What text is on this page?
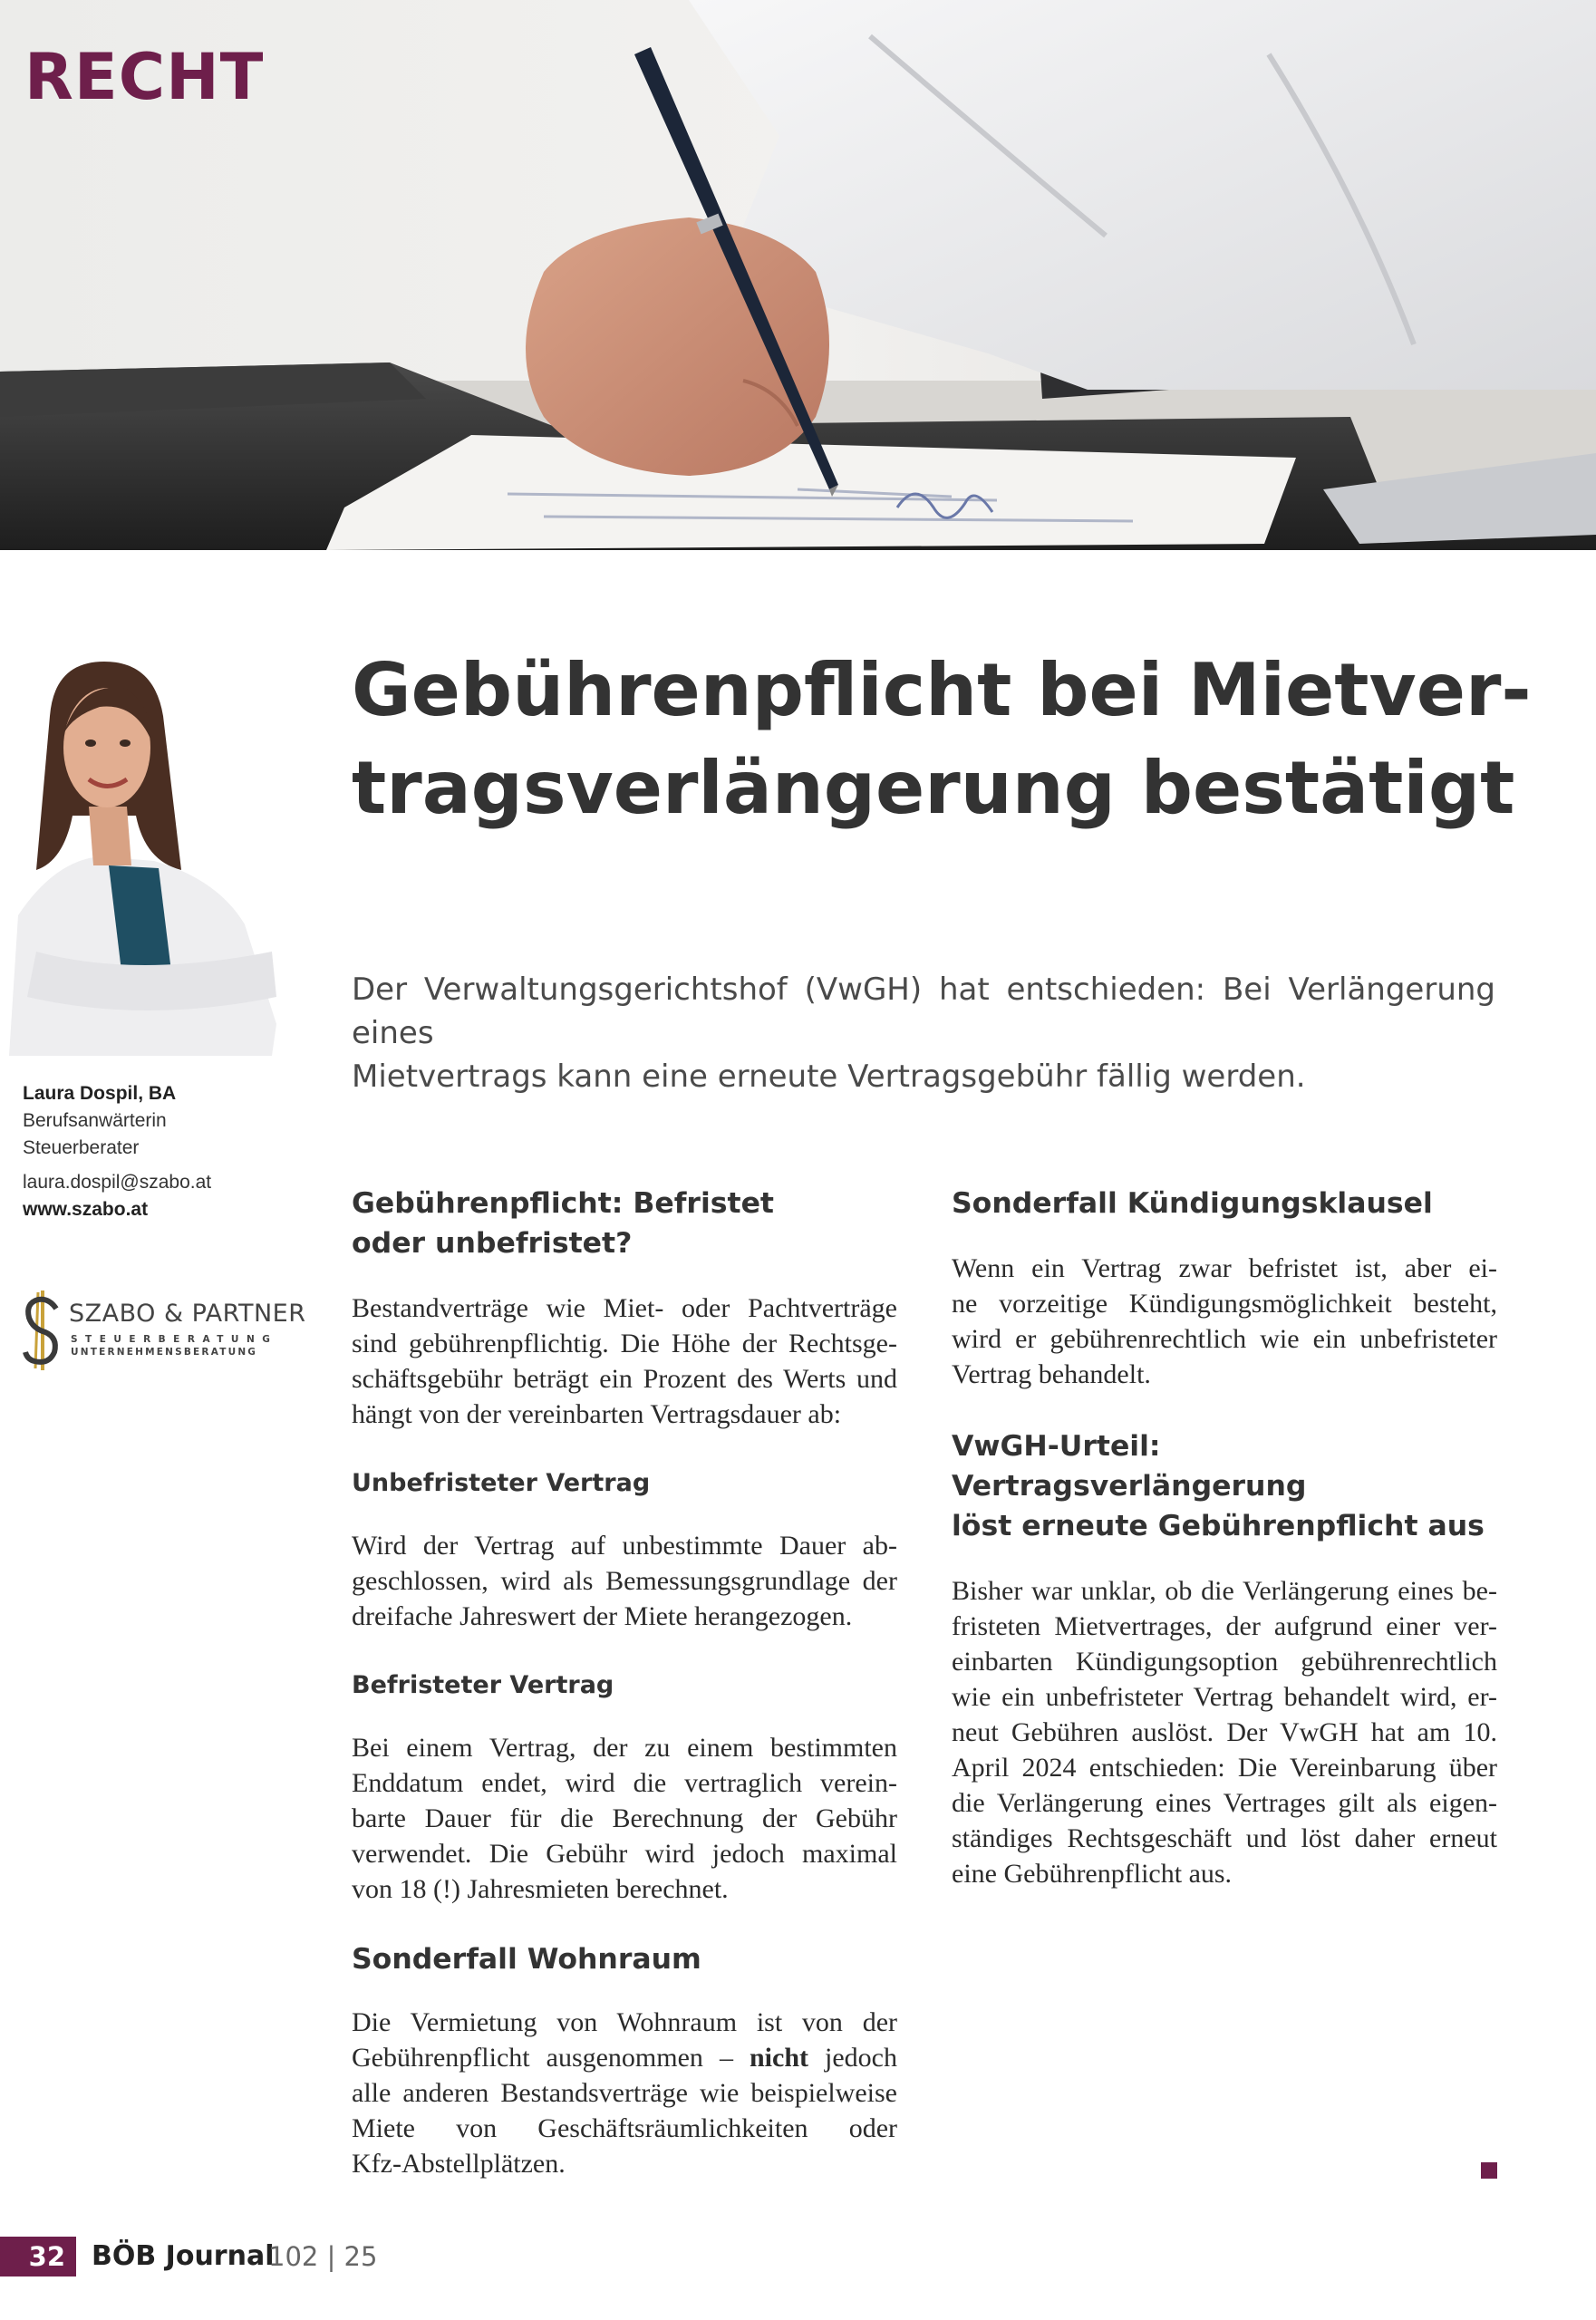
RECHT
Gebührenpflicht bei Mietver-
tragsverlängerung bestätigt

Der Verwaltungsgerichtshof (VwGH) hat entschieden: Bei Verlängerung eines
Mietvertrags kann eine erneute Vertragsgebühr fällig werden.

Laura Dospil, BA
Berufsanwärterin
Steuerberater
laura.dospil@szabo.at
www.szabo.at
SZABO & PARTNER
STEUERBERATUNG
UNTERNEHMENSBERATUNG
Gebührenpflicht: Befristet
oder unbefristet?

Bestandverträge wie Miet- oder Pachtverträge
sind gebührenpflichtig. Die Höhe der Rechtsge-
schäftsgebühr beträgt ein Prozent des Werts und
hängt von der vereinbarten Vertragsdauer ab:

Unbefristeter Vertrag

Wird der Vertrag auf unbestimmte Dauer ab-
geschlossen, wird als Bemessungsgrundlage der
dreifache Jahreswert der Miete herangezogen.

Befristeter Vertrag

Bei einem Vertrag, der zu einem bestimmten
Enddatum endet, wird die vertraglich verein-
barte Dauer für die Berechnung der Gebühr
verwendet. Die Gebühr wird jedoch maximal
von 18 (!) Jahresmieten berechnet.

Sonderfall Wohnraum

Die Vermietung von Wohnraum ist von der
Gebührenpflicht ausgenommen – nicht jedoch
alle anderen Bestandsverträge wie beispielweise
Miete von Geschäftsräumlichkeiten oder
Kfz-Abstellplätzen.

Sonderfall Kündigungsklausel

Wenn ein Vertrag zwar befristet ist, aber ei-
ne vorzeitige Kündigungsmöglichkeit besteht,
wird er gebührenrechtlich wie ein unbefristeter
Vertrag behandelt.

VwGH-Urteil: Vertragsverlängerung
löst erneute Gebührenpflicht aus

Bisher war unklar, ob die Verlängerung eines be-
fristeten Mietvertrages, der aufgrund einer ver-
einbarten Kündigungsoption gebührenrechtlich
wie ein unbefristeter Vertrag behandelt wird, er-
neut Gebühren auslöst. Der VwGH hat am 10.
April 2024 entschieden: Die Vereinbarung über
die Verlängerung eines Vertrages gilt als eigen-
ständiges Rechtsgeschäft und löst daher erneut
eine Gebührenpflicht aus.

32 BÖB Journal
102 | 25
